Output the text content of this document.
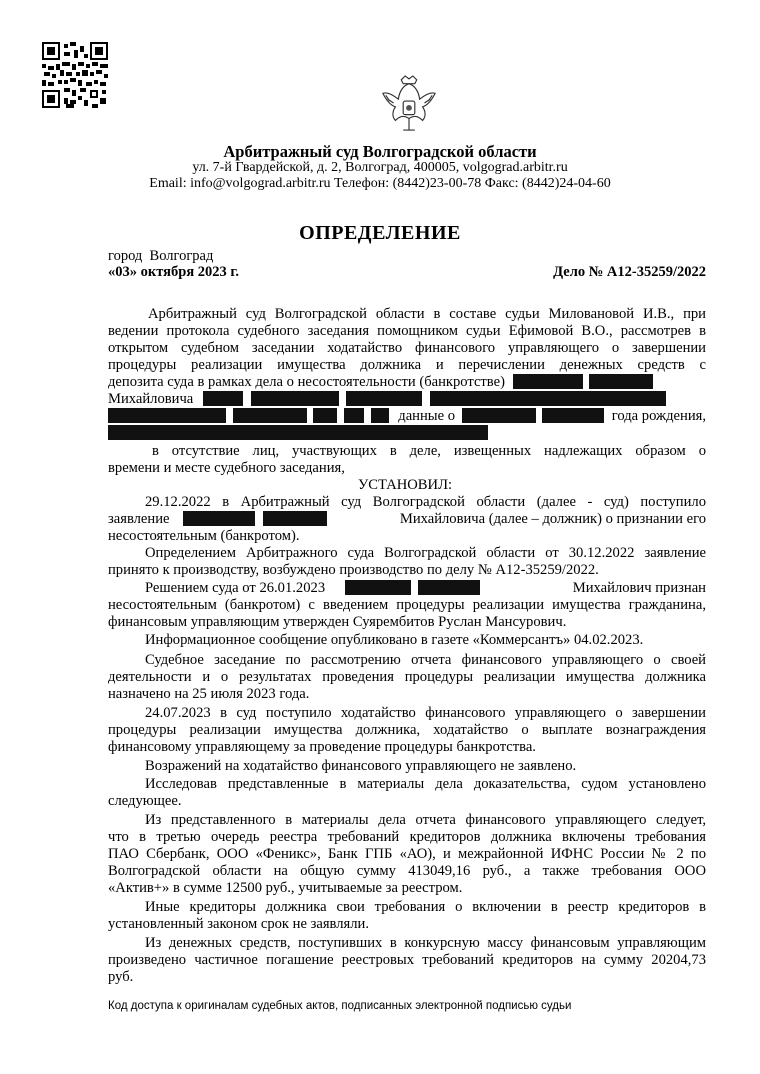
Арбитражный суд Волгоградской области
ул. 7-й Гвардейской, д. 2, Волгоград, 400005, volgograd.arbitr.ru
Email: info@volgograd.arbitr.ru Телефон: (8442)23-00-78 Факс: (8442)24-04-60
ОПРЕДЕЛЕНИЕ
город  Волгоград
«03» октября 2023 г.	Дело № А12-35259/2022
Арбитражный суд Волгоградской области в составе судьи Миловановой И.В., при
ведении протокола судебного заседания помощником судьи Ефимовой В.О., рассмотрев в
открытом судебном заседании ходатайство финансового управляющего о завершении
процедуры реализации имущества должника и перечислении денежных средств с
депозита суда в рамках дела о несостоятельности (банкротстве)
Михайловича
данные о	года рождения,
в отсутствие лиц, участвующих в деле, извещенных надлежащих образом о
времени и месте судебного заседания,
УСТАНОВИЛ:
29.12.2022 в Арбитражный суд Волгоградской области (далее - суд) поступило
заявление	Михайловича (далее – должник) о признании его
несостоятельным (банкротом).
Определением Арбитражного суда Волгоградской области от 30.12.2022 заявление
принято к производству, возбуждено производство по делу № А12-35259/2022.
Решением суда от 26.01.2023	Михайлович признан
несостоятельным (банкротом) с введением процедуры реализации имущества гражданина,
финансовым управляющим утвержден Суярембитов Руслан Мансурович.
Информационное сообщение опубликовано в газете «Коммерсантъ» 04.02.2023.
Судебное заседание по рассмотрению отчета финансового управляющего о своей
деятельности и о результатах проведения процедуры реализации имущества должника
назначено на 25 июля 2023 года.
24.07.2023 в суд поступило ходатайство финансового управляющего о завершении
процедуры реализации имущества должника, ходатайство о выплате вознаграждения
финансовому управляющему за проведение процедуры банкротства.
Возражений на ходатайство финансового управляющего не заявлено.
Исследовав представленные в материалы дела доказательства, судом установлено
следующее.
Из представленного в материалы дела отчета финансового управляющего следует,
что в третью очередь реестра требований кредиторов должника включены требования
ПАО Сбербанк, ООО «Феникс», Банк ГПБ «АО), и межрайонной ИФНС России № 2 по
Волгоградской области на общую сумму 413049,16 руб., а также требования ООО
«Актив+» в сумме 12500 руб., учитываемые за реестром.
Иные кредиторы должника свои требования о включении в реестр кредиторов в
установленный законом срок не заявляли.
Из денежных средств, поступивших в конкурсную массу финансовым управляющим
произведено частичное погашение реестровых требований кредиторов на сумму 20204,73
руб.
Код доступа к оригиналам судебных актов, подписанных электронной подписью судьи
